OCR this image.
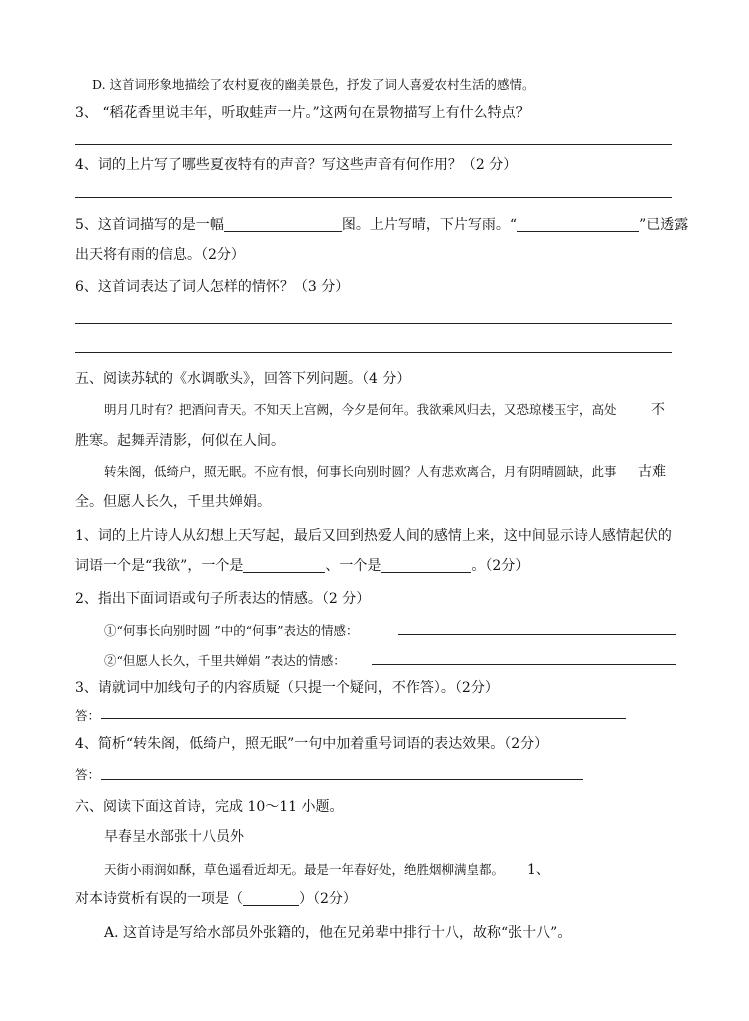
D. 这首词形象地描绘了农村夏夜的幽美景色，抒发了词人喜爱农村生活的感情。
3、 “稻花香里说丰年，听取蛙声一片。”这两句在景物描写上有什么特点？
4、词的上片写了哪些夏夜特有的声音？写这些声音有何作用？（2 分）
5、这首词描写的是一幅	图。上片写晴，下片写雨。“	”已透露
出天将有雨的信息。（2分）
6、这首词表达了词人怎样的情怀？（3 分）
五、阅读苏轼的《水调歌头》，回答下列问题。（4 分）
明月几时有？把酒问青天。不知天上宫阙，今夕是何年。我欲乘风归去，又恐琼楼玉宇，高处 不
胜寒。起舞弄清影，何似在人间。
转朱阁，低绮户，照无眠。不应有恨，何事长向别时圆？人有悲欢离合，月有阴晴圆缺，此事 古难
全。但愿人长久，千里共婵娟。
1、词的上片诗人从幻想上天写起，最后又回到热爱人间的感情上来，这中间显示诗人感情起伏的
词语一个是“我欲”，一个是	、一个是	。（2分）
2、指出下面词语或句子所表达的情感。（2 分）
①“何事长向别时圆 ”中的“何事”表达的情感：
②“但愿人长久，千里共婵娟 ”表达的情感：
3、请就词中加线句子的内容质疑（只提一个疑问，不作答）。（2分）
答：
4、简析“转朱阁，低绮户，照无眠”一句中加着重号词语的表达效果。（2分）
答：
六、阅读下面这首诗，完成 10～11 小题。
早春呈水部张十八员外
天街小雨润如酥，草色遥看近却无。最是一年春好处，绝胜烟柳满皇都。 1、
对本诗赏析有误的一项是（	）（2分）
A. 这首诗是写给水部员外张籍的，他在兄弟辈中排行十八，故称“张十八”。
